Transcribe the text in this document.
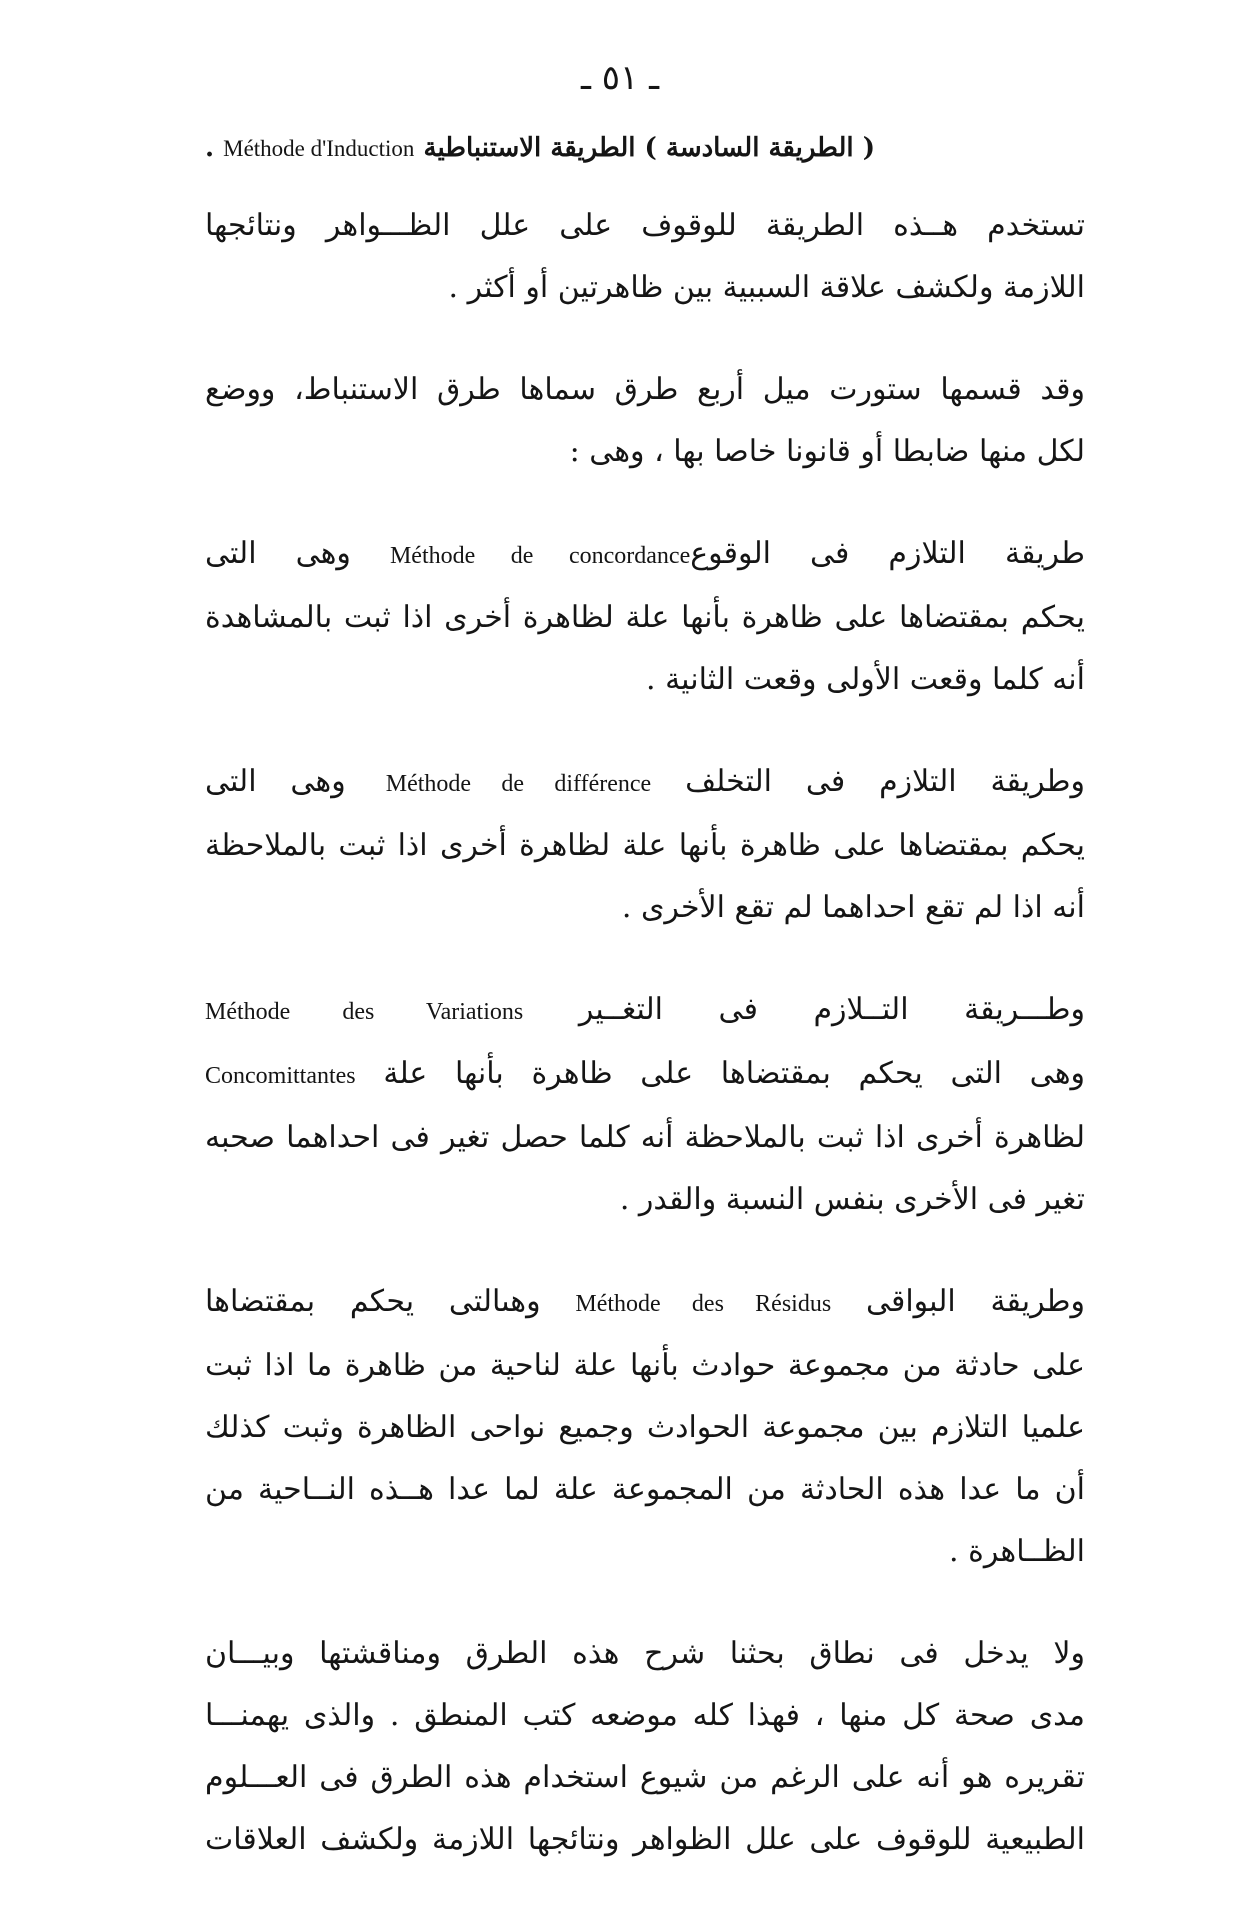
ـ ٥١ ـ
( الطريقة السادسة ) الطريقة الاستنباطية Méthode d'Induction .
تستخدم هــذه الطريقة للوقوف على علل الظـــواهر ونتائجها
اللازمة ولكشف علاقة السببية بين ظاهرتين أو أكثر .
وقد قسمها ستورت ميل أربع طرق سماها طرق الاستنباط، ووضع
لكل منها ضابطا أو قانونا خاصا بها ، وهى :
طريقة التلازم فى الوقوعMéthode de concordance وهى التى
يحكم بمقتضاها على ظاهرة بأنها علة لظاهرة أخرى اذا ثبت بالمشاهدة
أنه كلما وقعت الأولى وقعت الثانية .
وطريقة التلازم فى التخلف Méthode de différenceوهى التى
يحكم بمقتضاها على ظاهرة بأنها علة لظاهرة أخرى اذا ثبت بالملاحظة
أنه اذا لم تقع احداهما لم تقع الأخرى .
وطـــريقة التــلازم فى التغــير Méthode des Variations
وهى التى يحكم بمقتضاها على ظاهرة بأنها علة Concomittantes
لظاهرة أخرى اذا ثبت بالملاحظة أنه كلما حصل تغير فى احداهما صحبه
تغير فى الأخرى بنفس النسبة والقدر .
وطريقة البواقى Méthode des Résidus وهىالتى يحكم بمقتضاها
على حادثة من مجموعة حوادث بأنها علة لناحية من ظاهرة ما اذا ثبت
علميا التلازم بين مجموعة الحوادث وجميع نواحى الظاهرة وثبت كذلك
أن ما عدا هذه الحادثة من المجموعة علة لما عدا هــذه النــاحية من
الظــاهرة .
ولا يدخل فى نطاق بحثنا شرح هذه الطرق ومناقشتها وبيـــان
مدى صحة كل منها ، فهذا كله موضعه كتب المنطق . والذى يهمنـــا
تقريره هو أنه على الرغم من شيوع استخدام هذه الطرق فى العـــلوم
الطبيعية للوقوف على علل الظواهر ونتائجها اللازمة ولكشف العلاقات
